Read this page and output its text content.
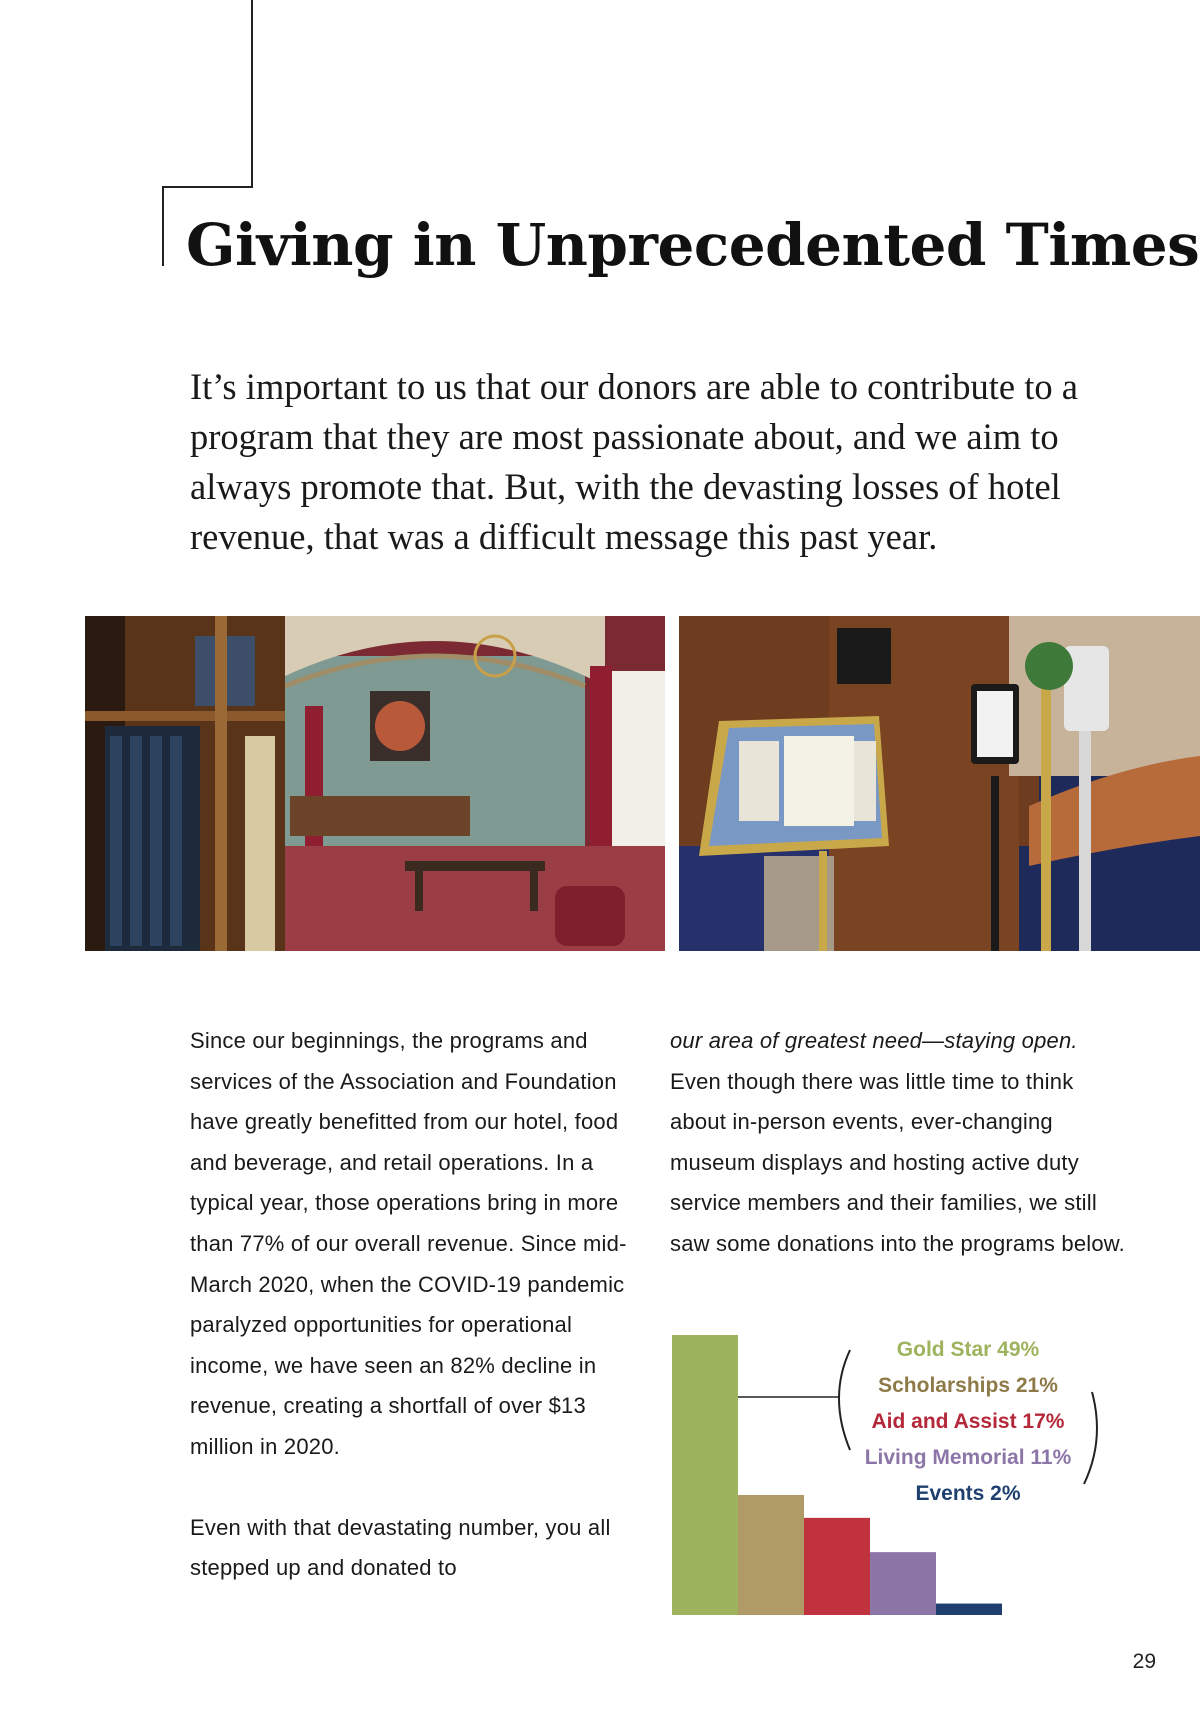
Giving in Unprecedented Times

It’s important to us that our donors are able to contribute to a program that they are most passionate about, and we aim to always promote that. But, with the devasting losses of hotel revenue, that was a difficult message this past year.

Since our beginnings, the programs and services of the Association and Foundation have greatly benefitted from our hotel, food and beverage, and retail operations. In a typical year, those operations bring in more than 77% of our overall revenue. Since mid-March 2020, when the COVID-19 pandemic paralyzed opportunities for operational income, we have seen an 82% decline in revenue, creating a shortfall of over $13 million in 2020.

Even with that devastating number, you all stepped up and donated to

our area of greatest need—staying open. Even though there was little time to think about in-person events, ever-changing museum displays and hosting active duty service members and their families, we still saw some donations into the programs below.

Gold Star 49%
Scholarships 21%
Aid and Assist 17%
Living Memorial 11%
Events 2%
29
